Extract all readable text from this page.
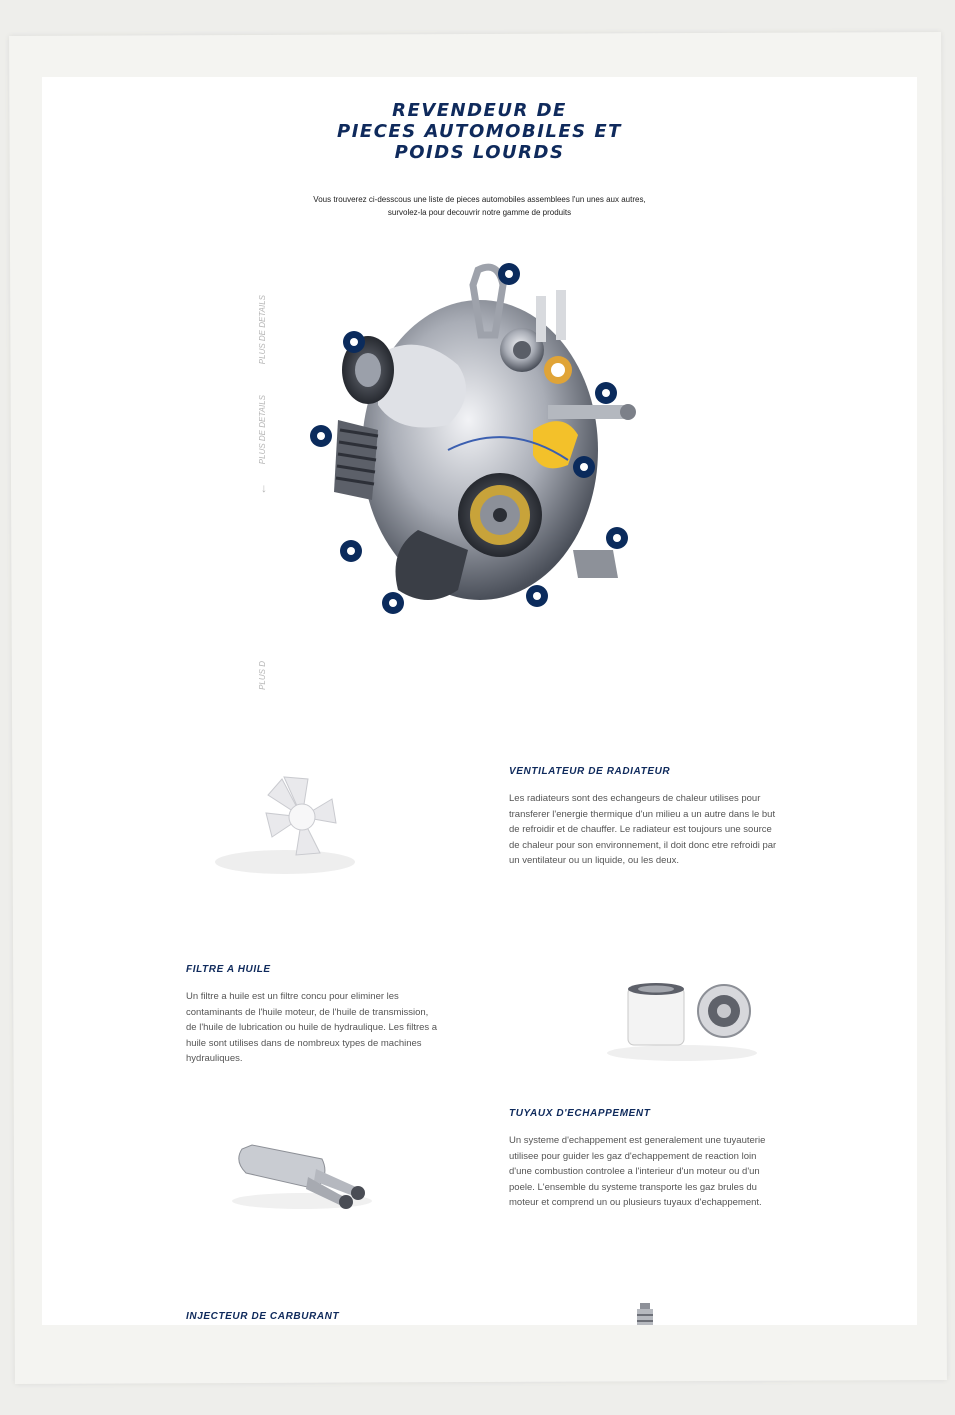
REVENDEUR DE
PIECES AUTOMOBILES ET
POIDS LOURDS

Vous trouverez ci-desscous une liste de pieces automobiles assemblees l'un unes aux autres, survolez-la pour decouvrir notre gamme de produits

PLUS DE DETAILS
PLUS DE DETAILS
↓
PLUS D
VENTILATEUR DE RADIATEUR

Les radiateurs sont des echangeurs de chaleur utilises pour transferer l'energie thermique d'un milieu a un autre dans le but de refroidir et de chauffer. Le radiateur est toujours une source de chaleur pour son environnement, il doit donc etre refroidi par un ventilateur ou un liquide, ou les deux.

FILTRE A HUILE

Un filtre a huile est un filtre concu pour eliminer les contaminants de l'huile moteur, de l'huile de transmission, de l'huile de lubrication ou huile de hydraulique. Les filtres a huile sont utilises dans de nombreux types de machines hydrauliques.

TUYAUX D'ECHAPPEMENT

Un systeme d'echappement est generalement une tuyauterie utilisee pour guider les gaz d'echappement de reaction loin d'une combustion controlee a l'interieur d'un moteur ou d'un poele. L'ensemble du systeme transporte les gaz brules du moteur et comprend un ou plusieurs tuyaux d'echappement.

INJECTEUR DE CARBURANT
